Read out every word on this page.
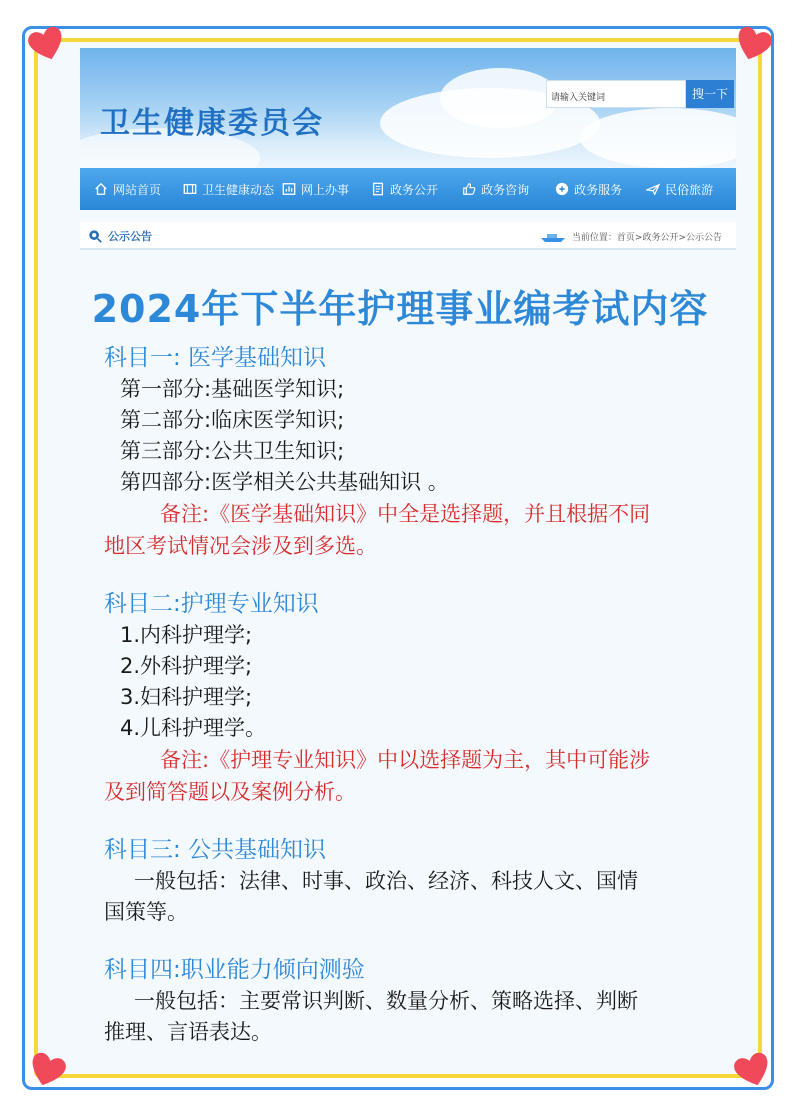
卫生健康委员会
请输入关键词	搜一下
网站首页	卫生健康动态 网上办事	政务公开	政务咨询	政务服务	民俗旅游
公示公告	当前位置： 首页>政务公开>公示公告
2024年下半年护理事业编考试内容
科目一: 医学基础知识
第一部分:基础医学知识;
第二部分:临床医学知识;
第三部分:公共卫生知识;
第四部分:医学相关公共基础知识 。
备注:《医学基础知识》中全是选择题，并且根据不同
地区考试情况会涉及到多选。
科目二:护理专业知识
1.内科护理学;
2.外科护理学;
3.妇科护理学;
4.儿科护理学。
备注:《护理专业知识》中以选择题为主，其中可能涉
及到简答题以及案例分析。
科目三: 公共基础知识
一般包括：法律、时事、政治、经济、科技人文、国情
国策等。
科目四:职业能力倾向测验
一般包括：主要常识判断、数量分析、策略选择、判断
推理、言语表达。
